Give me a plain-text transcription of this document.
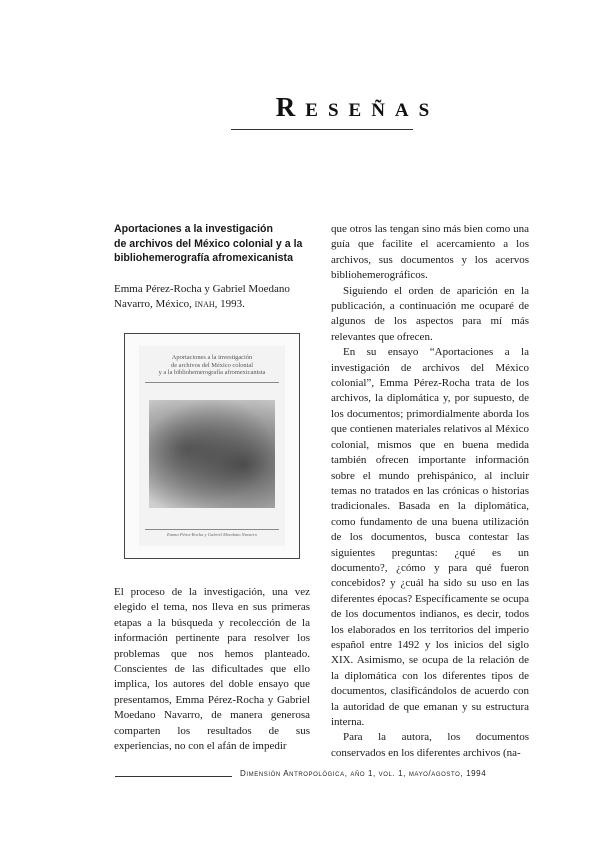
Reseñas
Aportaciones a la investigación
de archivos del México colonial y a la
bibliohemerografía afromexicanista

Emma Pérez-Rocha y Gabriel Moedano Navarro, México, inah, 1993.

Aportaciones a la investigación
de archivos del México colonial
y a la bibliohemerografía afromexicanista
Emma Pérez-Rocha y Gabriel Moedano Navarro

El proceso de la investigación, una vez elegido el tema, nos lleva en sus primeras etapas a la búsqueda y recolección de la información pertinente para resolver los problemas que nos hemos planteado. Conscientes de las dificultades que ello implica, los autores del doble ensayo que presentamos, Emma Pérez-Rocha y Gabriel Moedano Navarro, de manera generosa comparten los resultados de sus experiencias, no con el afán de impedir

que otros las tengan sino más bien como una guía que facilite el acercamiento a los archivos, sus documentos y los acervos bibliohemerográficos.

Siguiendo el orden de aparición en la publicación, a continuación me ocuparé de algunos de los aspectos para mí más relevantes que ofrecen.

En su ensayo “Aportaciones a la investigación de archivos del México colonial”, Emma Pérez-Rocha trata de los archivos, la diplomática y, por supuesto, de los documentos; primordialmente aborda los que contienen materiales relativos al México colonial, mismos que en buena medida también ofrecen importante información sobre el mundo prehispánico, al incluir temas no tratados en las crónicas o historias tradicionales. Basada en la diplomática, como fundamento de una buena utilización de los documentos, busca contestar las siguientes preguntas: ¿qué es un documento?, ¿cómo y para qué fueron concebidos? y ¿cuál ha sido su uso en las diferentes épocas? Específicamente se ocupa de los documentos indianos, es decir, todos los elaborados en los territorios del imperio español entre 1492 y los inicios del siglo XIX. Asimismo, se ocupa de la relación de la diplomática con los diferentes tipos de documentos, clasificándolos de acuerdo con la autoridad de que emanan y su estructura interna.

Para la autora, los documentos conservados en los diferentes archivos (na-

Dimensión Antropológica, año 1, vol. 1, mayo/agosto, 1994
